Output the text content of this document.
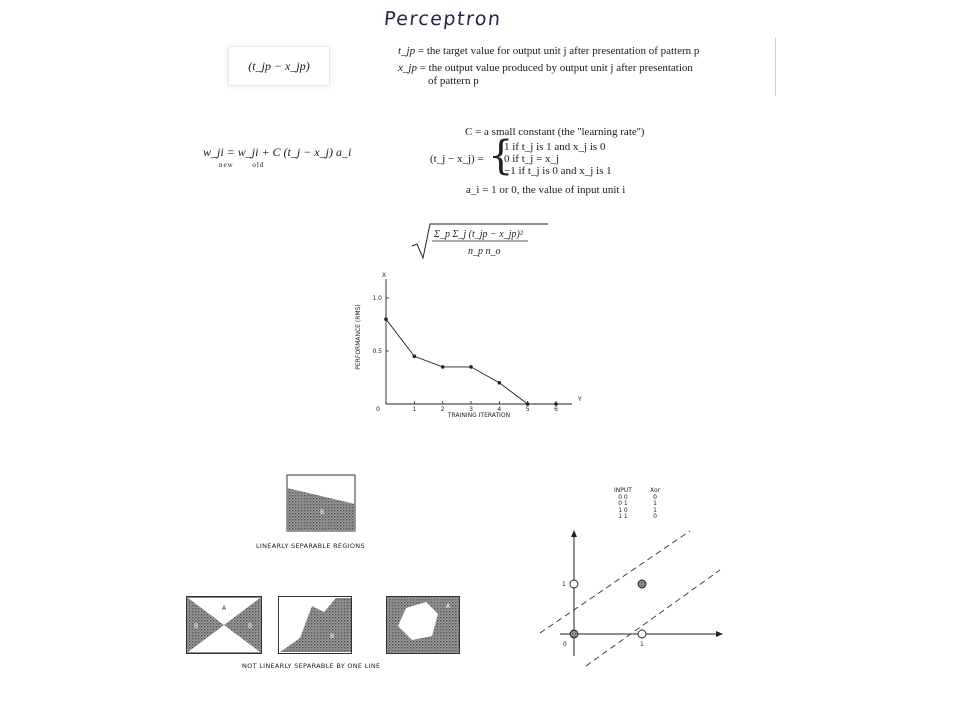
Perceptron
(t_jp − x_jp)
t_jp = the target value for output unit j after presentation of pattern p
x_jp = the output value produced by output unit j after presentation
of pattern p
w_ji = w_ji + C (t_j − x_j) a_i
new	old
C = a small constant (the ''learning rate'')
(t_j − x_j) = {
1 if t_j is 1 and x_j is 0
0 if t_j = x_j
−1 if t_j is 0 and x_j is 1
a_i = 1 or 0, the value of input unit i
Σ_p Σ_j (t_jp − x_jp)²
n_p n_o
X
Y
TRAINING ITERATION
PERFORMANCE (RMS)
0	1	2	3	4	5	6
1.0
0.5
B
LINEARLY SEPARABLE REGIONS
B
A
B
B
A
NOT LINEARLY SEPARABLE BY ONE LINE
INPUT	Xor
0 0	0
0 1	1
1 0	1
1 1	0
1
1
0
